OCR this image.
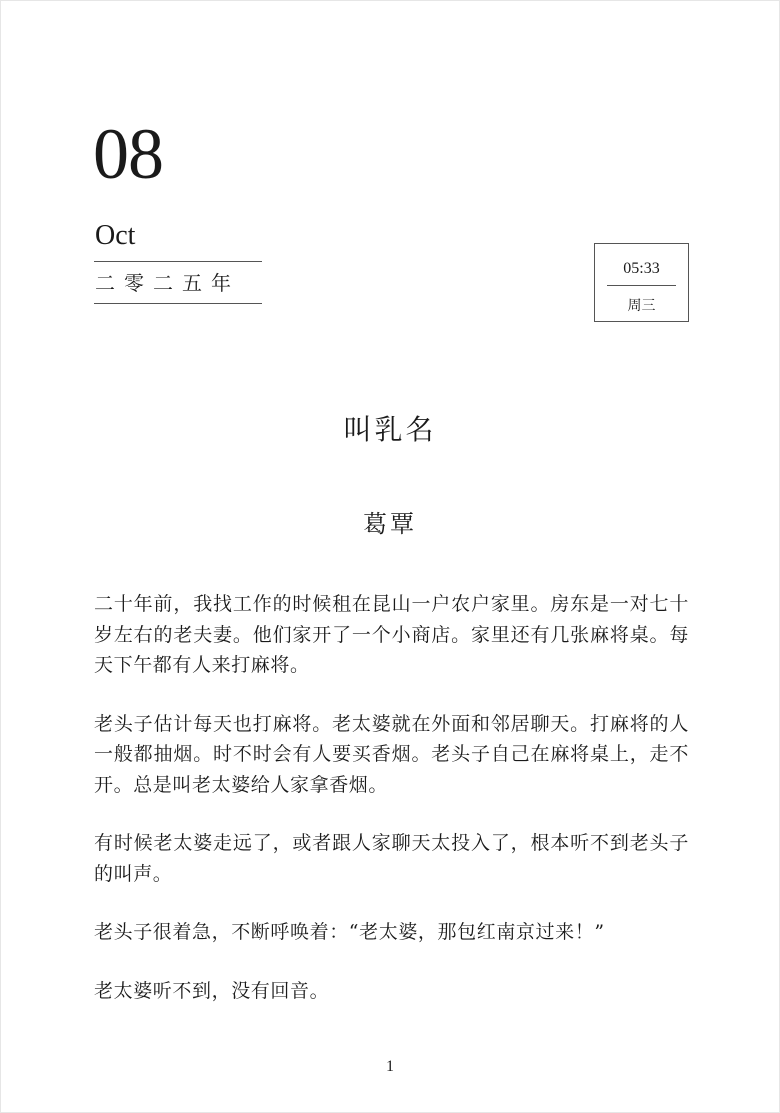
08
Oct
二零二五年
05:33
周三
叫乳名
葛覃

二十年前，我找工作的时候租在昆山一户农户家里。房东是一对七十岁左右的老夫妻。他们家开了一个小商店。家里还有几张麻将桌。每天下午都有人来打麻将。

老头子估计每天也打麻将。老太婆就在外面和邻居聊天。打麻将的人一般都抽烟。时不时会有人要买香烟。老头子自己在麻将桌上，走不开。总是叫老太婆给人家拿香烟。

有时候老太婆走远了，或者跟人家聊天太投入了，根本听不到老头子的叫声。

老头子很着急，不断呼唤着：“老太婆，那包红南京过来！”

老太婆听不到，没有回音。

1
